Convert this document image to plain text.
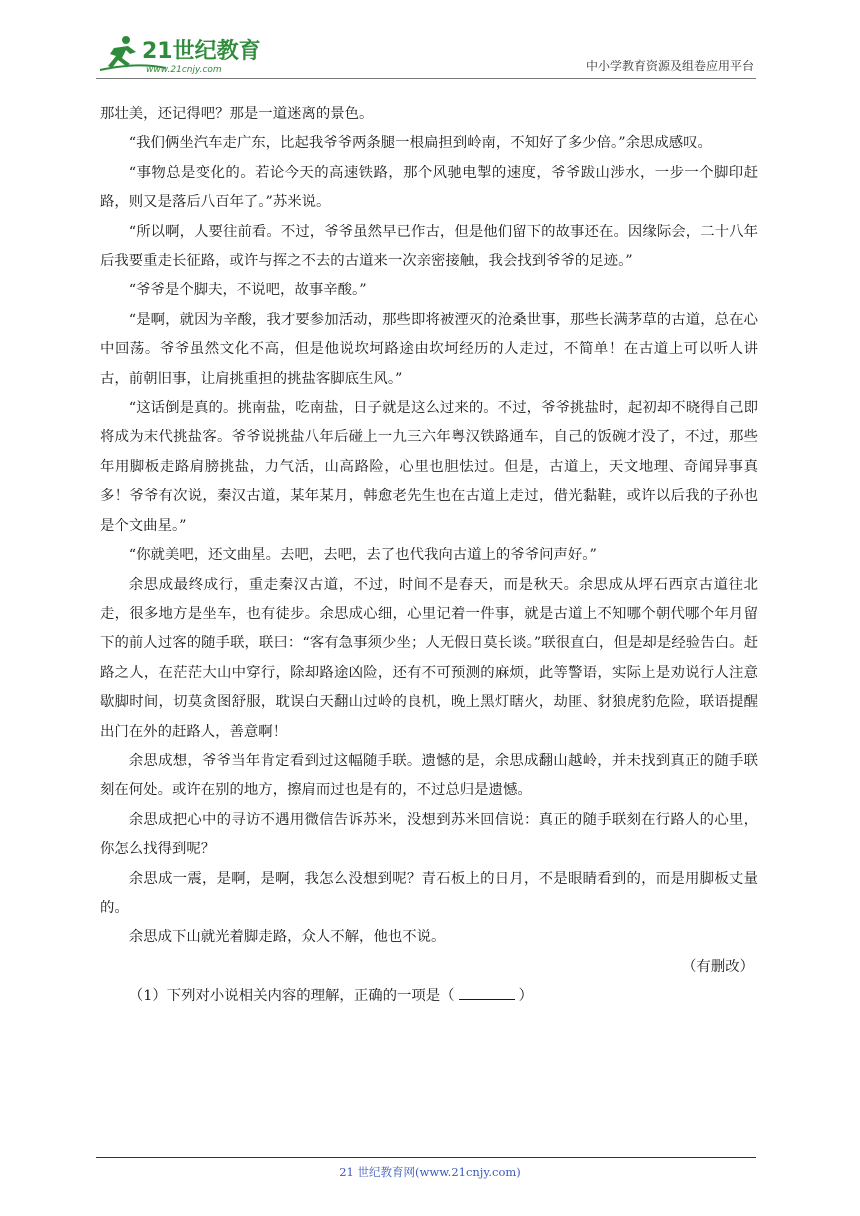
21世纪教育
www.21cnjy.com	中小学教育资源及组卷应用平台

那壮美，还记得吧？那是一道迷离的景色。

“我们俩坐汽车走广东，比起我爷爷两条腿一根扁担到岭南，不知好了多少倍。”余思成感叹。

“事物总是变化的。若论今天的高速铁路，那个风驰电掣的速度，爷爷跋山涉水，一步一个脚印赶路，则又是落后八百年了。”苏米说。

“所以啊，人要往前看。不过，爷爷虽然早已作古，但是他们留下的故事还在。因缘际会，二十八年后我要重走长征路，或许与挥之不去的古道来一次亲密接触，我会找到爷爷的足迹。”

“爷爷是个脚夫，不说吧，故事辛酸。”

“是啊，就因为辛酸，我才要参加活动，那些即将被湮灭的沧桑世事，那些长满茅草的古道，总在心中回荡。爷爷虽然文化不高，但是他说坎坷路途由坎坷经历的人走过，不简单！在古道上可以听人讲古，前朝旧事，让肩挑重担的挑盐客脚底生风。”

“这话倒是真的。挑南盐，吃南盐，日子就是这么过来的。不过，爷爷挑盐时，起初却不晓得自己即将成为末代挑盐客。爷爷说挑盐八年后碰上一九三六年粤汉铁路通车，自己的饭碗才没了，不过，那些年用脚板走路肩膀挑盐，力气活，山高路险，心里也胆怯过。但是，古道上，天文地理、奇闻异事真多！爷爷有次说，秦汉古道，某年某月，韩愈老先生也在古道上走过，借光黏鞋，或许以后我的子孙也是个文曲星。”

“你就美吧，还文曲星。去吧，去吧，去了也代我向古道上的爷爷问声好。”

余思成最终成行，重走秦汉古道，不过，时间不是春天，而是秋天。余思成从坪石西京古道往北走，很多地方是坐车，也有徒步。余思成心细，心里记着一件事，就是古道上不知哪个朝代哪个年月留下的前人过客的随手联，联曰：“客有急事须少坐；人无假日莫长谈。”联很直白，但是却是经验告白。赶路之人，在茫茫大山中穿行，除却路途凶险，还有不可预测的麻烦，此等警语，实际上是劝说行人注意歇脚时间，切莫贪图舒服，耽误白天翻山过岭的良机，晚上黑灯瞎火，劫匪、豺狼虎豹危险，联语提醒出门在外的赶路人，善意啊！

余思成想，爷爷当年肯定看到过这幅随手联。遗憾的是，余思成翻山越岭，并未找到真正的随手联刻在何处。或许在别的地方，擦肩而过也是有的，不过总归是遗憾。

余思成把心中的寻访不遇用微信告诉苏米，没想到苏米回信说：真正的随手联刻在行路人的心里，你怎么找得到呢？

余思成一震，是啊，是啊，我怎么没想到呢？青石板上的日月，不是眼睛看到的，而是用脚板丈量的。

余思成下山就光着脚走路，众人不解，他也不说。

（有删改）

（1）下列对小说相关内容的理解，正确的一项是（	）

21 世纪教育网(www.21cnjy.com)
